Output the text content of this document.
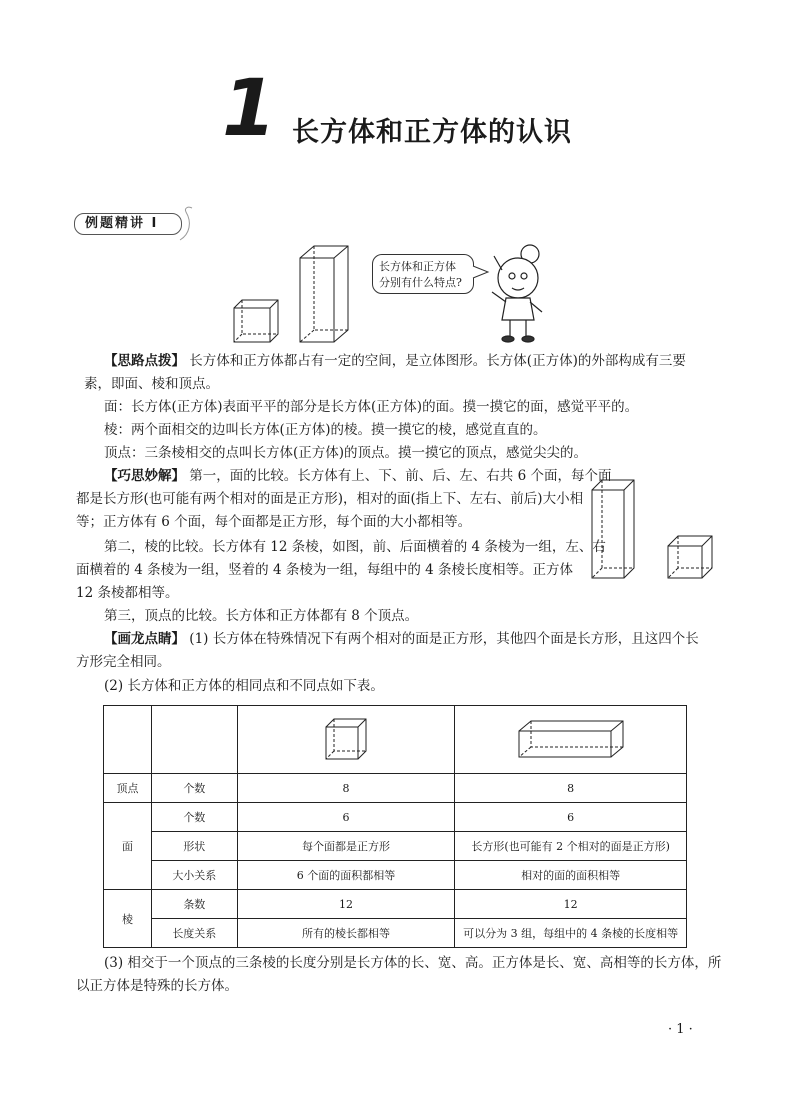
1 长方体和正方体的认识
例题精讲 Ⅰ
长方体和正方体
分别有什么特点?
【思路点拨】 长方体和正方体都占有一定的空间，是立体图形。长方体(正方体)的外部构成有三要
素，即面、棱和顶点。
面：长方体(正方体)表面平平的部分是长方体(正方体)的面。摸一摸它的面，感觉平平的。
棱：两个面相交的边叫长方体(正方体)的棱。摸一摸它的棱，感觉直直的。
顶点：三条棱相交的点叫长方体(正方体)的顶点。摸一摸它的顶点，感觉尖尖的。
【巧思妙解】 第一，面的比较。长方体有上、下、前、后、左、右共 6 个面，每个面
都是长方形(也可能有两个相对的面是正方形)，相对的面(指上下、左右、前后)大小相
等；正方体有 6 个面，每个面都是正方形，每个面的大小都相等。
第二，棱的比较。长方体有 12 条棱，如图，前、后面横着的 4 条棱为一组，左、右
面横着的 4 条棱为一组，竖着的 4 条棱为一组，每组中的 4 条棱长度相等。正方体
12 条棱都相等。
第三，顶点的比较。长方体和正方体都有 8 个顶点。
【画龙点睛】 (1) 长方体在特殊情况下有两个相对的面是正方形，其他四个面是长方形，且这四个长
方形完全相同。
(2) 长方体和正方体的相同点和不同点如下表。

顶点	个数	8	8
面	个数	6	6
	形状	每个面都是正方形	长方形(也可能有 2 个相对的面是正方形)
	大小关系	6 个面的面积都相等	相对的面的面积相等
棱	条数	12	12
	长度关系	所有的棱长都相等	可以分为 3 组，每组中的 4 条棱的长度相等
(3) 相交于一个顶点的三条棱的长度分别是长方体的长、宽、高。正方体是长、宽、高相等的长方体，所
以正方体是特殊的长方体。
· 1 ·
